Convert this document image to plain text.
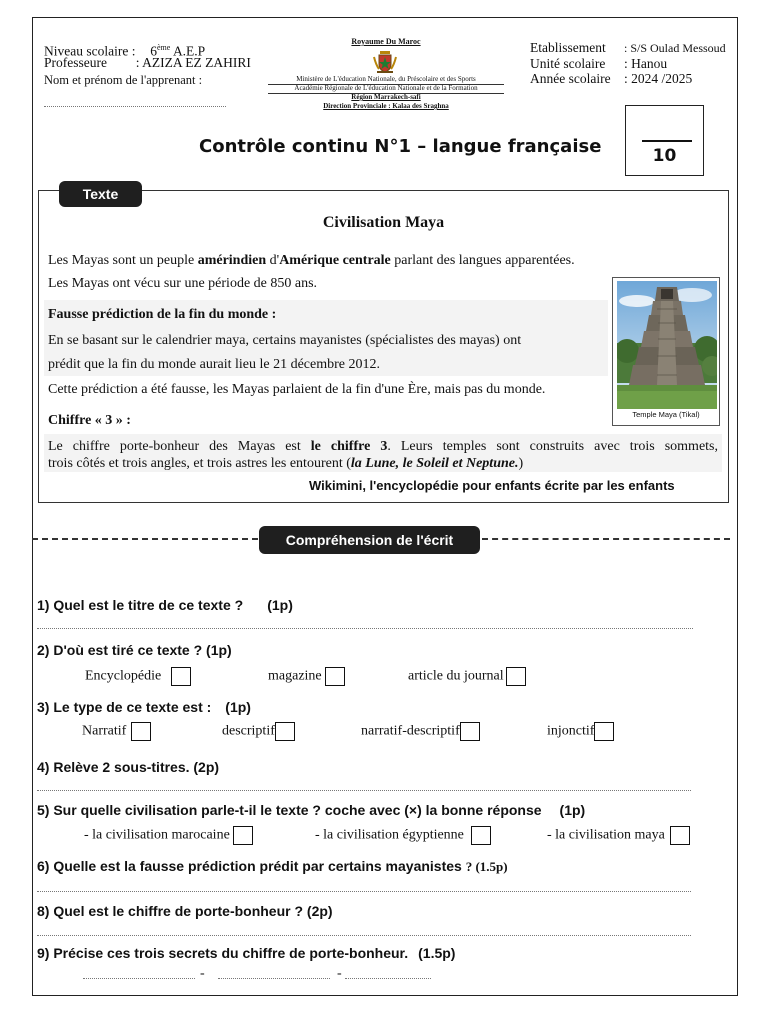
Niveau scolaire : 6ème A.E.P
Professeure : AZIZA EZ ZAHIRI
Nom et prénom de l'apprenant :
Royaume Du Maroc
Ministère de L'éducation Nationale, du Préscolaire et des Sports
Académie Régionale de L'éducation Nationale et de la Formation
Région Marrakech-safi
Direction Provinciale : Kalaa des Sraghna
Etablissement : S/S Oulad Messoud
Unité scolaire : Hanou
Année scolaire : 2024 /2025
Contrôle continu N°1 – langue française	10
Texte
Civilisation Maya
Les Mayas sont un peuple amérindien d'Amérique centrale parlant des langues apparentées.
Les Mayas ont vécu sur une période de 850 ans.
Fausse prédiction de la fin du monde :
En se basant sur le calendrier maya, certains mayanistes (spécialistes des mayas) ont
prédit que la fin du monde aurait lieu le 21 décembre 2012.
Cette prédiction a été fausse, les Mayas parlaient de la fin d'une Ère, mais pas du monde.
Chiffre « 3 » :
Le chiffre porte-bonheur des Mayas est le chiffre 3. Leurs temples sont construits avec trois sommets,
trois côtés et trois angles, et trois astres les entourent (la Lune, le Soleil et Neptune.)
Wikimini, l'encyclopédie pour enfants écrite par les enfants
Temple Maya (Tikal)
Compréhension de l'écrit
1) Quel est le titre de ce texte ? (1p)
2) D'où est tiré ce texte ? (1p)
Encyclopédie	magazine	article du journal
3) Le type de ce texte est : (1p)
Narratif	descriptif	narratif-descriptif	injonctif
4) Relève 2 sous-titres. (2p)
5) Sur quelle civilisation parle-t-il le texte ? coche avec (×) la bonne réponse (1p)
- la civilisation marocaine	- la civilisation égyptienne	- la civilisation maya
6) Quelle est la fausse prédiction prédit par certains mayanistes ? (1.5p)
8) Quel est le chiffre de porte-bonheur ? (2p)
9) Précise ces trois secrets du chiffre de porte-bonheur. (1.5p)
-	-
